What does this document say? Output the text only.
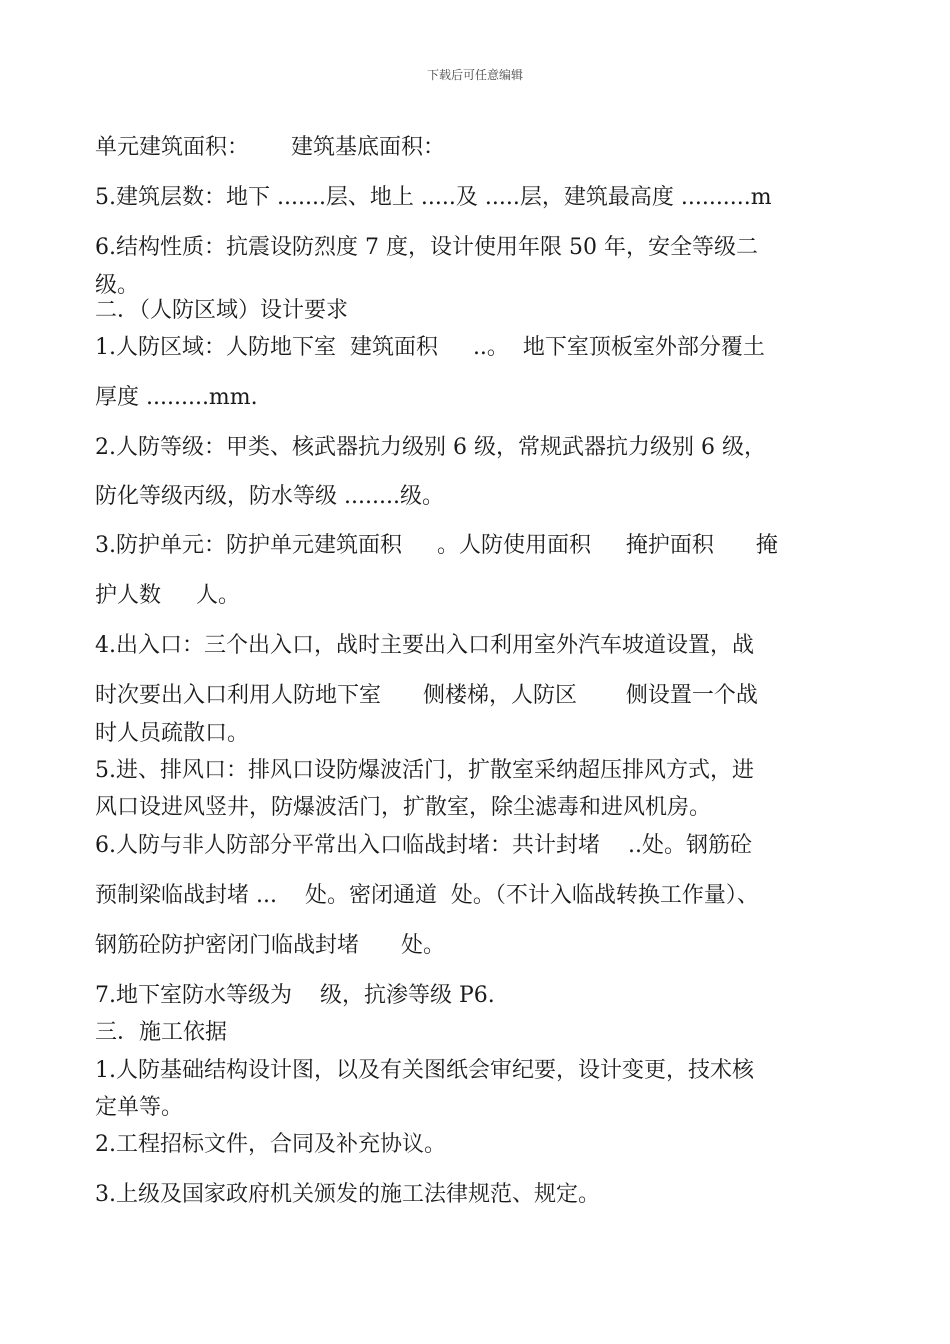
下载后可任意编辑
单元建筑面积：      建筑基底面积：
5.建筑层数：地下 .......层、地上 .....及 .....层，建筑最高度 ..........m
6.结构性质：抗震设防烈度 7 度，设计使用年限 50 年，安全等级二
级。
二．（人防区域）设计要求
1.人防区域：人防地下室  建筑面积     ..。  地下室顶板室外部分覆土
厚度 .........mm.
2.人防等级：甲类、核武器抗力级别 6 级，常规武器抗力级别 6 级，
防化等级丙级，防水等级 ........级。
3.防护单元：防护单元建筑面积     。人防使用面积     掩护面积      掩
护人数     人。
4.出入口：三个出入口，战时主要出入口利用室外汽车坡道设置，战
时次要出入口利用人防地下室      侧楼梯，人防区       侧设置一个战
时人员疏散口。
5.进、排风口：排风口设防爆波活门，扩散室采纳超压排风方式，进
风口设进风竖井，防爆波活门，扩散室，除尘滤毒和进风机房。
6.人防与非人防部分平常出入口临战封堵：共计封堵    ..处。钢筋砼
预制梁临战封堵 ...    处。密闭通道  处。（不计入临战转换工作量）、
钢筋砼防护密闭门临战封堵      处。
7.地下室防水等级为    级，抗渗等级 P6.
三．施工依据
1.人防基础结构设计图，以及有关图纸会审纪要，设计变更，技术核
定单等。
2.工程招标文件，合同及补充协议。
3.上级及国家政府机关颁发的施工法律规范、规定。
